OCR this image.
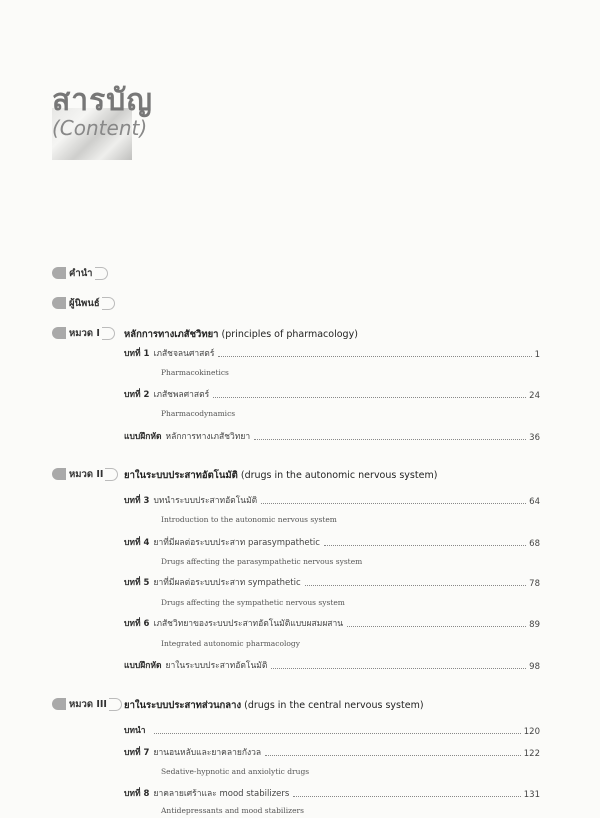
สารบัญ
(Content)
คำนำ
ผู้นิพนธ์
หมวด I	หลักการทางเภสัชวิทยา (principles of pharmacology)
บทที่ 1 เภสัชจลนศาสตร์	1
Pharmacokinetics
บทที่ 2 เภสัชพลศาสตร์	24
Pharmacodynamics
แบบฝึกหัด หลักการทางเภสัชวิทยา	36
หมวด II ยาในระบบประสาทอัตโนมัติ (drugs in the autonomic nervous system)
บทที่ 3 บทนำระบบประสาทอัตโนมัติ	64
Introduction to the autonomic nervous system
บทที่ 4 ยาที่มีผลต่อระบบประสาท parasympathetic	68
Drugs affecting the parasympathetic nervous system
บทที่ 5 ยาที่มีผลต่อระบบประสาท sympathetic	78
Drugs affecting the sympathetic nervous system
บทที่ 6 เภสัชวิทยาของระบบประสาทอัตโนมัติแบบผสมผสาน	89
Integrated autonomic pharmacology
แบบฝึกหัด ยาในระบบประสาทอัตโนมัติ	98
หมวด III ยาในระบบประสาทส่วนกลาง (drugs in the central nervous system)
บทนำ	120
บทที่ 7 ยานอนหลับและยาคลายกังวล	122
Sedative-hypnotic and anxiolytic drugs
บทที่ 8 ยาคลายเศร้าและ mood stabilizers	131
Antidepressants and mood stabilizers
